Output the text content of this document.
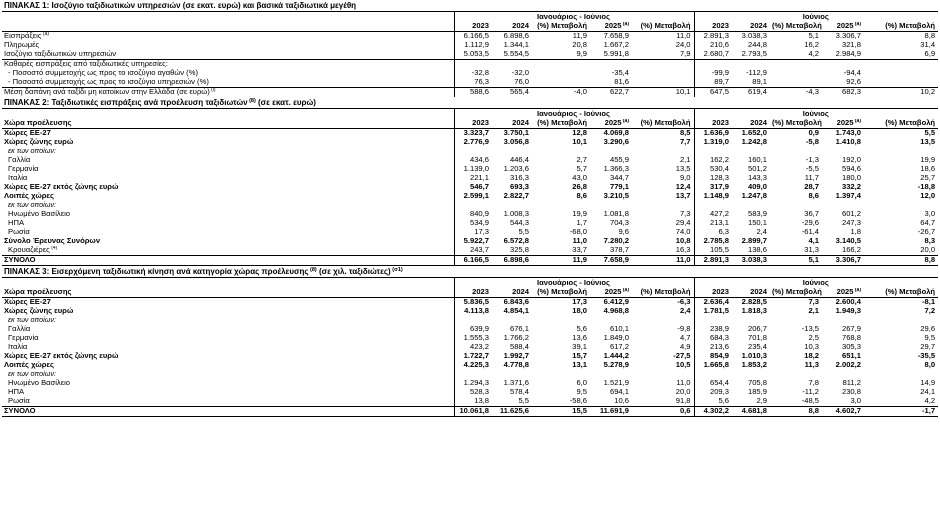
ΠΙΝΑΚΑΣ 1: Ισοζύγιο ταξιδιωτικών υπηρεσιών (σε εκατ. ευρώ) και βασικά ταξιδιωτικά μεγέθη										
	Ιανουάριος - Ιούνιος					Ιούνιος				
	2023	2024	(%) Μεταβολή	2025 $^{(a)}$	(%) Μεταβολή	2023	2024	(%) Μεταβολή	2025 $^{(a)}$	(%) Μεταβολή
Εισπράξεις $^{(a)}$	6.166,5	6.898,6	11,9	7.658,9	11,0	2.891,3	3.038,3	5,1	3.306,7	8,8
Πληρωμές	1.112,9	1.344,1	20,8	1.667,2	24,0	210,6	244,8	16,2	321,8	31,4
Ισοζύγιο ταξιδιωτικών υπηρεσιών	5.053,5	5.554,5	9,9	5.991,8	7,9	2.680,7	2.793,5	4,2	2.984,9	6,9
Καθαρές εισπράξεις από ταξιδιωτικές υπηρεσίες:										
- Ποσοστό συμμετοχής ως προς το ισοζύγιο αγαθών (%)	-32,8	-32,0		-35,4		-99,9	-112,9		-94,4	
- Ποσοστό συμμετοχής ως προς το ισοζύγιο υπηρεσιών (%)	76,3	76,0		81,6		89,7	89,1		92,6	
Μέση δαπάνη ανά ταξίδι μη κατοίκων στην Ελλάδα (σε ευρώ) $^{(i)}$	588,6	565,4	-4,0	622,7	10,1	647,5	619,4	-4,3	682,3	10,2
ΠΙΝΑΚΑΣ 2: Ταξιδιωτικές εισπράξεις ανά προέλευση ταξιδιωτών $^{(8)}$ (σε εκατ. ευρώ)										
	Ιανουάριος - Ιούνιος					Ιούνιος				
Χώρα προέλευσης	2023	2024	(%) Μεταβολή	2025 $^{(a)}$	(%) Μεταβολή	2023	2024	(%) Μεταβολή	2025 $^{(a)}$	(%) Μεταβολή
Χώρες ΕΕ-27	3.323,7	3.750,1	12,8	4.069,8	8,5	1.636,9	1.652,0	0,9	1.743,0	5,5
Χώρες ζώνης ευρώ	2.776,9	3.056,8	10,1	3.290,6	7,7	1.319,0	1.242,8	-5,8	1.410,8	13,5
εκ των οποίων:										
Γαλλία	434,6	446,4	2,7	455,9	2,1	162,2	160,1	-1,3	192,0	19,9
Γερμανία	1.139,0	1.203,6	5,7	1.366,3	13,5	530,4	501,2	-5,5	594,6	18,6
Ιταλία	221,1	316,3	43,0	344,7	9,0	128,3	143,3	11,7	180,0	25,7
Χώρες ΕΕ-27 εκτός ζώνης ευρώ	546,7	693,3	26,8	779,1	12,4	317,9	409,0	28,7	332,2	-18,8
Λοιπές χώρες	2.599,1	2.822,7	8,6	3.210,5	13,7	1.148,9	1.247,8	8,6	1.397,4	12,0
εκ των οποίων:										
Ηνωμένο Βασίλειο	840,9	1.008,3	19,9	1.081,8	7,3	427,2	583,9	36,7	601,2	3,0
ΗΠΑ	534,9	544,3	1,7	704,3	29,4	213,1	150,1	-29,6	247,3	64,7
Ρωσία	17,3	5,5	-68,0	9,6	74,0	6,3	2,4	-61,4	1,8	-26,7
Σύνολο Έρευνας Συνόρων	5.922,7	6.572,8	11,0	7.280,2	10,8	2.785,8	2.899,7	4,1	3.140,5	8,3
Κρουαζιέρες $^{(4)}$	243,7	325,8	33,7	378,7	16,3	105,5	138,6	31,3	166,2	20,0
ΣΥΝΟΛΟ	6.166,5	6.898,6	11,9	7.658,9	11,0	2.891,3	3.038,3	5,1	3.306,7	8,8
ΠΙΝΑΚΑΣ 3: Εισερχόμενη ταξιδιωτική κίνηση ανά κατηγορία χώρας προέλευσης $^{(8)}$ (σε χιλ. ταξιδιώτες) $^{(\sigma 1)}$
	Ιανουάριος - Ιούνιος					Ιούνιος				
Χώρα προέλευσης	2023	2024	(%) Μεταβολή	2025 $^{(a)}$	(%) Μεταβολή	2023	2024	(%) Μεταβολή	2025 $^{(a)}$	(%) Μεταβολή
Χώρες ΕΕ-27	5.836,5	6.843,6	17,3	6.412,9	-6,3	2.636,4	2.828,5	7,3	2.600,4	-8,1
Χώρες ζώνης ευρώ	4.113,8	4.854,1	18,0	4.968,8	2,4	1.781,5	1.818,3	2,1	1.949,3	7,2
εκ των οποίων:										
Γαλλία	639,9	676,1	5,6	610,1	-9,8	238,9	206,7	-13,5	267,9	29,6
Γερμανία	1.555,3	1.766,2	13,6	1.849,0	4,7	684,3	701,8	2,5	768,8	9,5
Ιταλία	423,2	588,4	39,1	617,2	4,9	213,6	235,4	10,3	305,3	29,7
Χώρες ΕΕ-27 εκτός ζώνης ευρώ	1.722,7	1.992,7	15,7	1.444,2	-27,5	854,9	1.010,3	18,2	651,1	-35,5
Λοιπές χώρες	4.225,3	4.778,8	13,1	5.278,9	10,5	1.665,8	1.853,2	11,3	2.002,2	8,0
εκ των οποίων:										
Ηνωμένο Βασίλειο	1.294,3	1.371,6	6,0	1.521,9	11,0	654,4	705,8	7,8	811,2	14,9
ΗΠΑ	528,3	578,4	9,5	694,1	20,0	209,3	185,9	-11,2	230,8	24,1
Ρωσία	13,8	5,5	-58,6	10,6	91,8	5,6	2,9	-48,5	3,0	4,2
ΣΥΝΟΛΟ	10.061,8	11.625,6	15,5	11.691,9	0,6	4.302,2	4.681,8	8,8	4.602,7	-1,7
